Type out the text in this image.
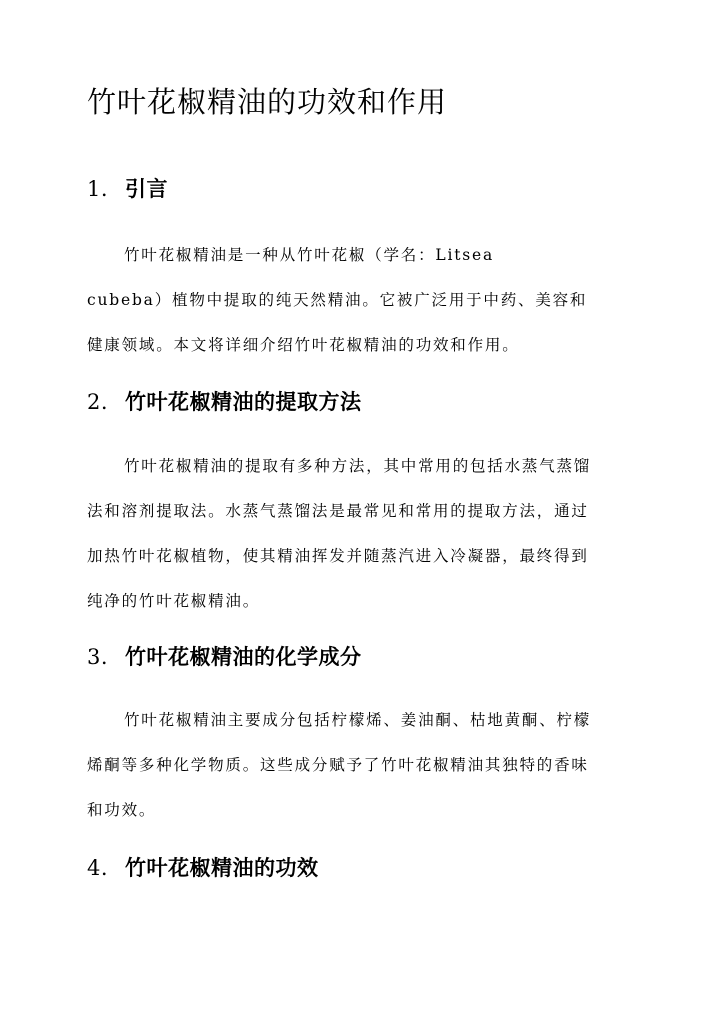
竹叶花椒精油的功效和作用
1. 引言
竹叶花椒精油是一种从竹叶花椒（学名：Litsea
cubeba）植物中提取的纯天然精油。它被广泛用于中药、美容和
健康领域。本文将详细介绍竹叶花椒精油的功效和作用。
2. 竹叶花椒精油的提取方法
竹叶花椒精油的提取有多种方法，其中常用的包括水蒸气蒸馏
法和溶剂提取法。水蒸气蒸馏法是最常见和常用的提取方法，通过
加热竹叶花椒植物，使其精油挥发并随蒸汽进入冷凝器，最终得到
纯净的竹叶花椒精油。
3. 竹叶花椒精油的化学成分
竹叶花椒精油主要成分包括柠檬烯、姜油酮、枯地黄酮、柠檬
烯酮等多种化学物质。这些成分赋予了竹叶花椒精油其独特的香味
和功效。
4. 竹叶花椒精油的功效
